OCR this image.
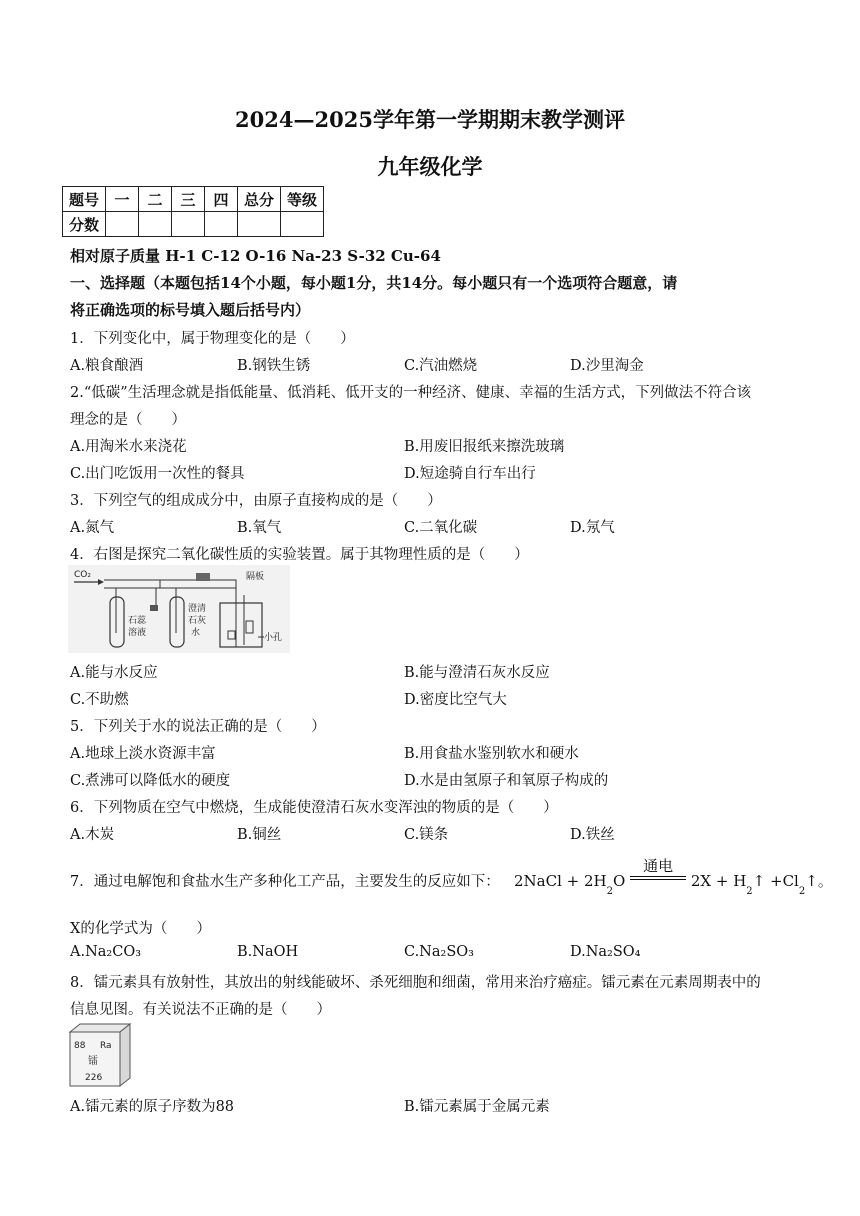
2024—2025学年第一学期期末教学测评
九年级化学
题号	一	二	三	四	总分	等级
分数						
相对原子质量 H-1 C-12 O-16 Na-23 S-32 Cu-64
一、选择题（本题包括14个小题，每小题1分，共14分。每小题只有一个选项符合题意，请
将正确选项的标号填入题后括号内）
1．下列变化中，属于物理变化的是（　　）
A.粮食酿酒	B.钢铁生锈	C.汽油燃烧	D.沙里淘金
2.“低碳”生活理念就是指低能量、低消耗、低开支的一种经济、健康、幸福的生活方式，下列做法不符合该
理念的是（　　）
A.用淘米水来浇花	B.用废旧报纸来擦洗玻璃
C.出门吃饭用一次性的餐具	D.短途骑自行车出行
3．下列空气的组成成分中，由原子直接构成的是（　　）
A.氮气	B.氧气	C.二氧化碳	D.氖气
4．右图是探究二氧化碳性质的实验装置。属于其物理性质的是（　　）
CO₂	隔板
小孔
石蕊
溶液
澄清
石灰
水
A.能与水反应	B.能与澄清石灰水反应
C.不助燃	D.密度比空气大
5．下列关于水的说法正确的是（　　）
A.地球上淡水资源丰富	B.用食盐水鉴别软水和硬水
C.煮沸可以降低水的硬度	D.水是由氢原子和氧原子构成的
6．下列物质在空气中燃烧，生成能使澄清石灰水变浑浊的物质的是（　　）
A.木炭	B.铜丝	C.镁条	D.铁丝
7．通过电解饱和食盐水生产多种化工产品，主要发生的反应如下： 2NaCl + $2H_2O$
通电
$2X + H_2↑$ $+Cl_2↑$。
X的化学式为（　　）
A.Na₂CO₃	B.NaOH	C.Na₂SO₃	D.Na₂SO₄
8．镭元素具有放射性，其放出的射线能破坏、杀死细胞和细菌，常用来治疗癌症。镭元素在元素周期表中的
信息见图。有关说法不正确的是（　　）
88 Ra
镭
226
A.镭元素的原子序数为88	B.镭元素属于金属元素
